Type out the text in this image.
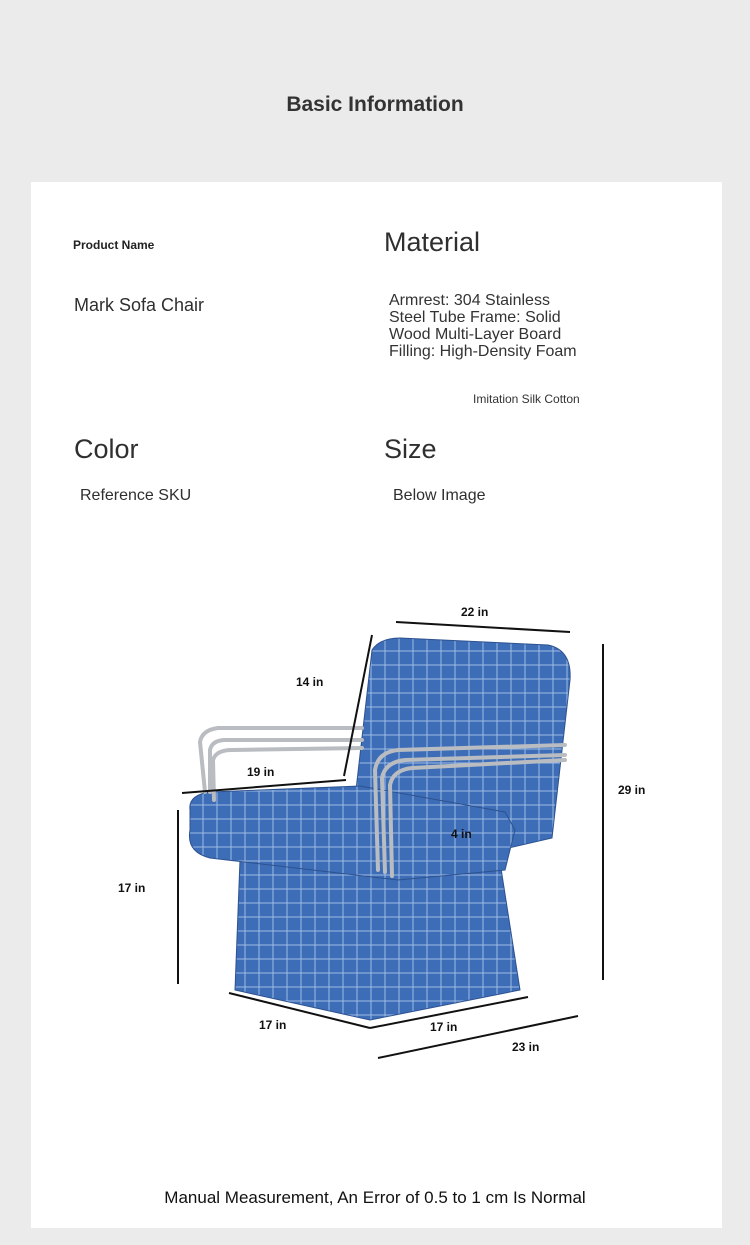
Basic Information
Product Name
Mark Sofa Chair
Material
Armrest: 304 Stainless Steel Tube Frame: Solid Wood Multi-Layer Board Filling: High-Density Foam
Imitation Silk Cotton
Color
Reference SKU
Size
Below Image
22 in
14 in
19 in
29 in
4 in
17 in
17 in	17 in
23 in
Manual Measurement, An Error of 0.5 to 1 cm Is Normal
